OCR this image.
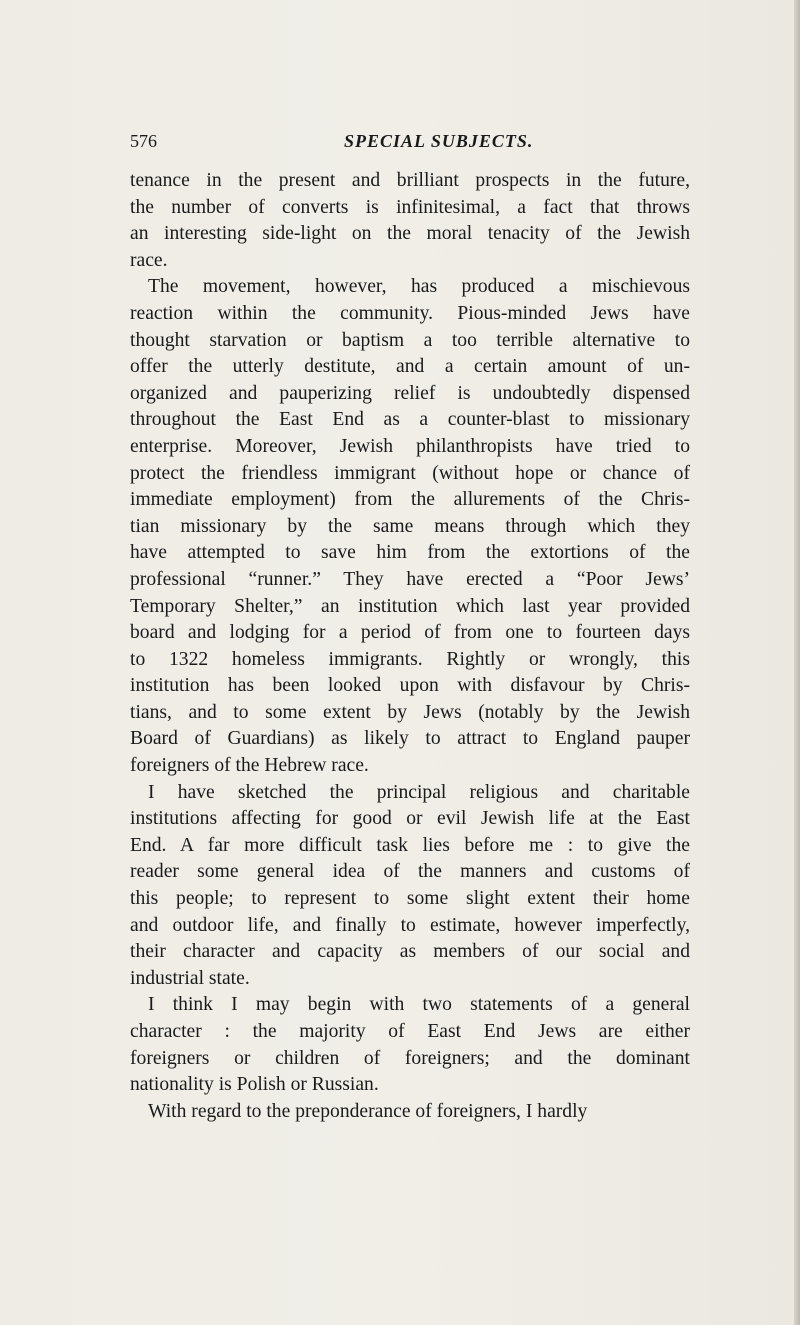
576	SPECIAL SUBJECTS.
tenance in the present and brilliant prospects in the future,
the number of converts is infinitesimal, a fact that throws
an interesting side-light on the moral tenacity of the Jewish
race.
The movement, however, has produced a mischievous
reaction within the community. Pious-minded Jews have
thought starvation or baptism a too terrible alternative to
offer the utterly destitute, and a certain amount of un-
organized and pauperizing relief is undoubtedly dispensed
throughout the East End as a counter-blast to missionary
enterprise. Moreover, Jewish philanthropists have tried to
protect the friendless immigrant (without hope or chance of
immediate employment) from the allurements of the Chris-
tian missionary by the same means through which they
have attempted to save him from the extortions of the
professional “runner.” They have erected a “Poor Jews’
Temporary Shelter,” an institution which last year provided
board and lodging for a period of from one to fourteen days
to 1322 homeless immigrants. Rightly or wrongly, this
institution has been looked upon with disfavour by Chris-
tians, and to some extent by Jews (notably by the Jewish
Board of Guardians) as likely to attract to England pauper
foreigners of the Hebrew race.
I have sketched the principal religious and charitable
institutions affecting for good or evil Jewish life at the East
End. A far more difficult task lies before me : to give the
reader some general idea of the manners and customs of
this people; to represent to some slight extent their home
and outdoor life, and finally to estimate, however imperfectly,
their character and capacity as members of our social and
industrial state.
I think I may begin with two statements of a general
character : the majority of East End Jews are either
foreigners or children of foreigners; and the dominant
nationality is Polish or Russian.
With regard to the preponderance of foreigners, I hardly
